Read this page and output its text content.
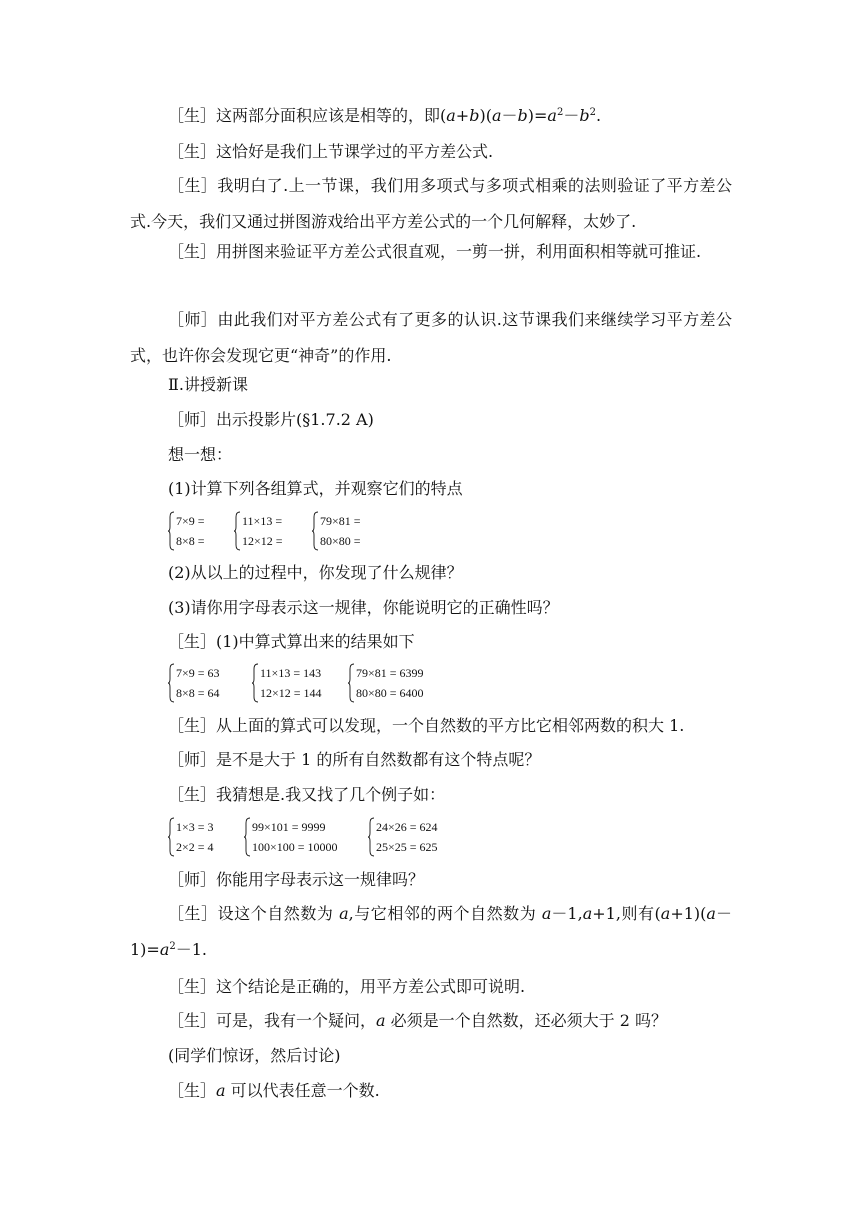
［生］这两部分面积应该是相等的，即$(a+b)(a-b)=a^2-b^2$.
［生］这恰好是我们上节课学过的平方差公式.
［生］我明白了.上一节课，我们用多项式与多项式相乘的法则验证了平方差公式.今天，我们又通过拼图游戏给出平方差公式的一个几何解释，太妙了.
［生］用拼图来验证平方差公式很直观，一剪一拼，利用面积相等就可推证.
［师］由此我们对平方差公式有了更多的认识.这节课我们来继续学习平方差公式，也许你会发现它更“神奇”的作用.
Ⅱ.讲授新课
［师］出示投影片(§1.7.2 A)
想一想：
(1)计算下列各组算式，并观察它们的特点
7×9 =
8×8 =
11×13 =
12×12 =
79×81 =
80×80 =
(2)从以上的过程中，你发现了什么规律？
(3)请你用字母表示这一规律，你能说明它的正确性吗？
［生］(1)中算式算出来的结果如下
7×9 = 63
8×8 = 64
11×13 = 143
12×12 = 144
79×81 = 6399
80×80 = 6400
［生］从上面的算式可以发现，一个自然数的平方比它相邻两数的积大 1.
［师］是不是大于 1 的所有自然数都有这个特点呢？
［生］我猜想是.我又找了几个例子如：
1×3 = 3
2×2 = 4
99×101 = 9999
100×100 = 10000
24×26 = 624
25×25 = 625
［师］你能用字母表示这一规律吗？
［生］设这个自然数为 a,与它相邻的两个自然数为 a－1,a+1,则有$(a+1)(a-1)=a^2-1$.
［生］这个结论是正确的，用平方差公式即可说明.
［生］可是，我有一个疑问，a 必须是一个自然数，还必须大于 2 吗？
(同学们惊讶，然后讨论)
［生］a 可以代表任意一个数.
